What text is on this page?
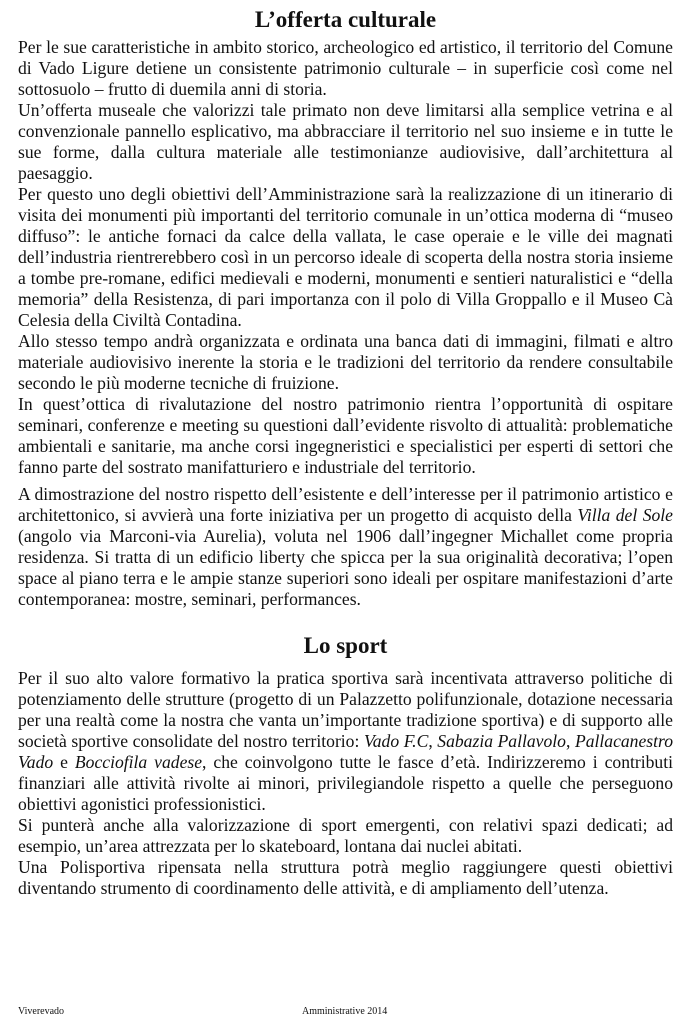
L’offerta culturale

Per le sue caratteristiche in ambito storico, archeologico ed artistico, il territorio del Comune di Vado Ligure detiene un consistente patrimonio culturale – in superficie così come nel sottosuolo – frutto di duemila anni di storia.

Un’offerta museale che valorizzi tale primato non deve limitarsi alla semplice vetrina e al convenzionale pannello esplicativo, ma abbracciare il territorio nel suo insieme e in tutte le sue forme, dalla cultura materiale alle testimonianze audiovisive, dall’architettura al paesaggio.

Per questo uno degli obiettivi dell’Amministrazione sarà la realizzazione di un itinerario di visita dei monumenti più importanti del territorio comunale in un’ottica moderna di “museo diffuso”: le antiche fornaci da calce della vallata, le case operaie e le ville dei magnati dell’industria rientrerebbero così in un percorso ideale di scoperta della nostra storia insieme a tombe pre-romane, edifici medievali e moderni, monumenti e sentieri naturalistici e “della memoria” della Resistenza, di pari importanza con il polo di Villa Groppallo e il Museo Cà Celesia della Civiltà Contadina.

Allo stesso tempo andrà organizzata e ordinata una banca dati di immagini, filmati e altro materiale audiovisivo inerente la storia e le tradizioni del territorio da rendere consultabile secondo le più moderne tecniche di fruizione.

In quest’ottica di rivalutazione del nostro patrimonio rientra l’opportunità di ospitare seminari, conferenze e meeting su questioni dall’evidente risvolto di attualità: problematiche ambientali e sanitarie, ma anche corsi ingegneristici e specialistici per esperti di settori che fanno parte del sostrato manifatturiero e industriale del territorio.

A dimostrazione del nostro rispetto dell’esistente e dell’interesse per il patrimonio artistico e architettonico, si avvierà una forte iniziativa per un progetto di acquisto della Villa del Sole (angolo via Marconi-via Aurelia), voluta nel 1906 dall’ingegner Michallet come propria residenza. Si tratta di un edificio liberty che spicca per la sua originalità decorativa; l’open space al piano terra e le ampie stanze superiori sono ideali per ospitare manifestazioni d’arte contemporanea: mostre, seminari, performances.

Lo sport

Per il suo alto valore formativo la pratica sportiva sarà incentivata attraverso politiche di potenziamento delle strutture (progetto di un Palazzetto polifunzionale, dotazione necessaria per una realtà come la nostra che vanta un’importante tradizione sportiva) e di supporto alle società sportive consolidate del nostro territorio: Vado F.C, Sabazia Pallavolo, Pallacanestro Vado e Bocciofila vadese, che coinvolgono tutte le fasce d’età. Indirizzeremo i contributi finanziari alle attività rivolte ai minori, privilegiandole rispetto a quelle che perseguono obiettivi agonistici professionistici.

Si punterà anche alla valorizzazione di sport emergenti, con relativi spazi dedicati; ad esempio, un’area attrezzata per lo skateboard, lontana dai nuclei abitati.

Una Polisportiva ripensata nella struttura potrà meglio raggiungere questi obiettivi diventando strumento di coordinamento delle attività, e di ampliamento dell’utenza.

Viverevado	Amministrative 2014
